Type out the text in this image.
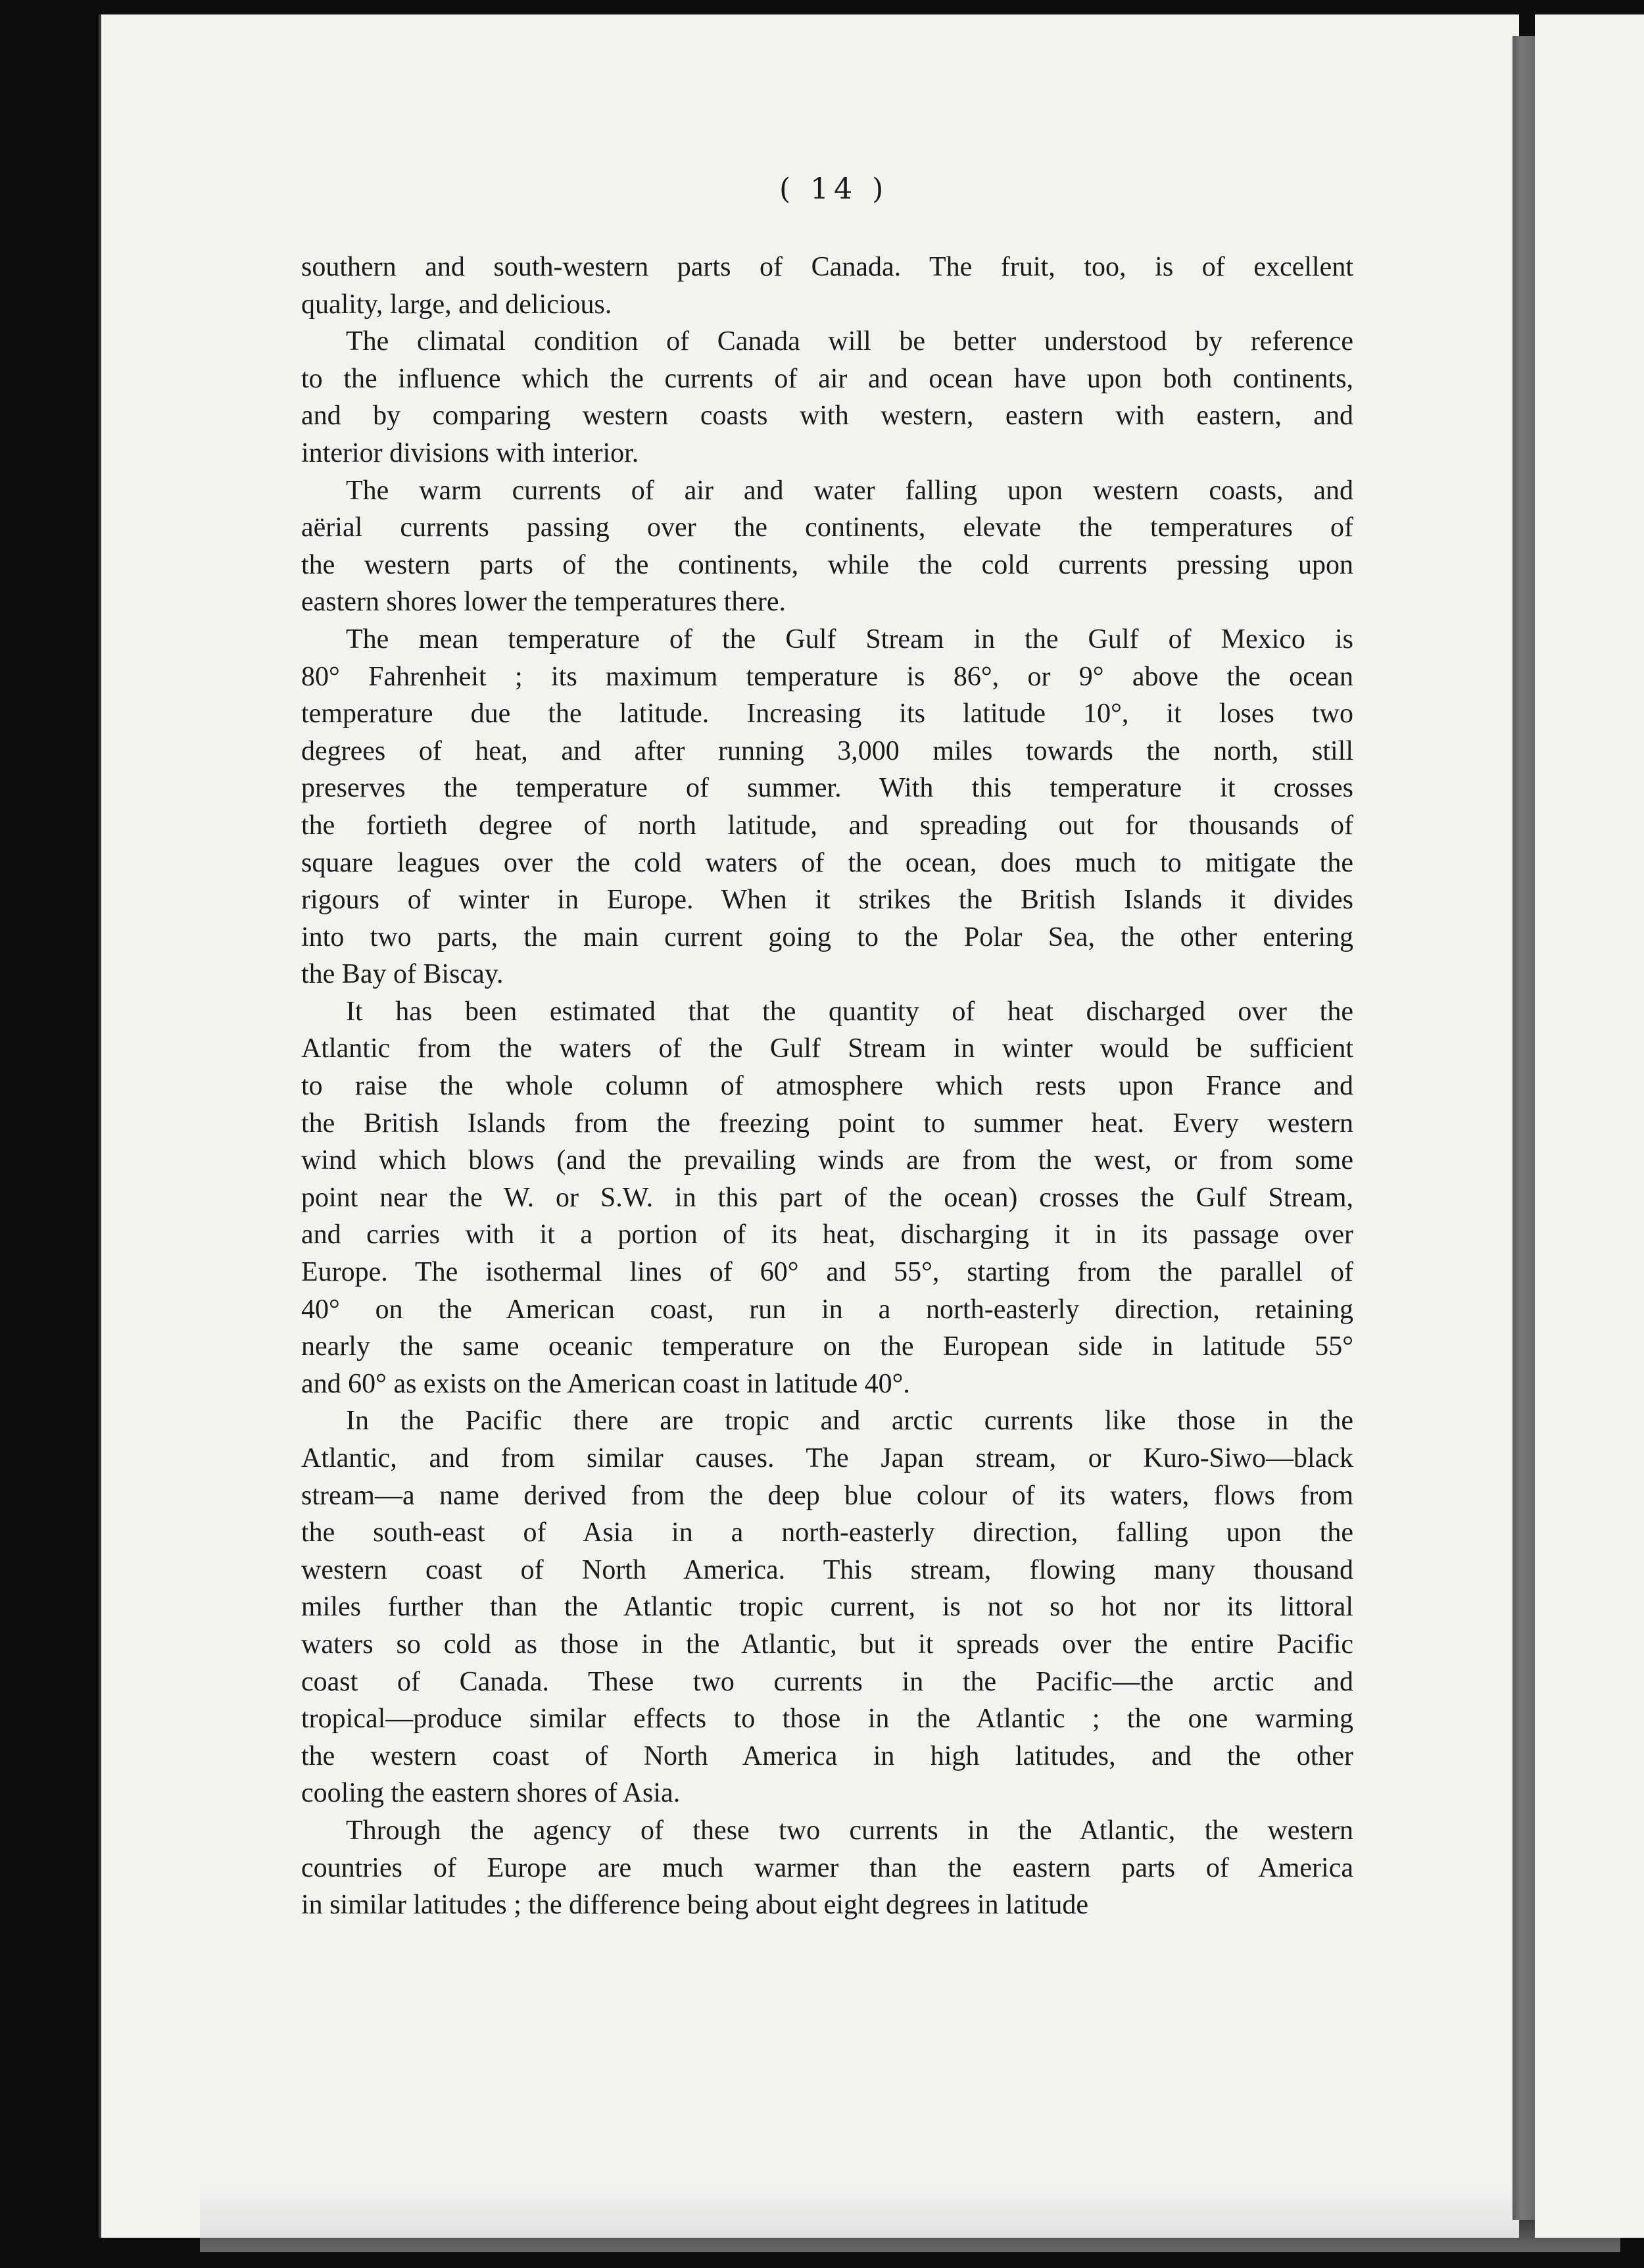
( 14 )
southern and south-western parts of Canada. The fruit, too, is of excellent
quality, large, and delicious.
The climatal condition of Canada will be better understood by reference
to the influence which the currents of air and ocean have upon both continents,
and by comparing western coasts with western, eastern with eastern, and
interior divisions with interior.
The warm currents of air and water falling upon western coasts, and
aërial currents passing over the continents, elevate the temperatures of
the western parts of the continents, while the cold currents pressing upon
eastern shores lower the temperatures there.
The mean temperature of the Gulf Stream in the Gulf of Mexico is
80° Fahrenheit ; its maximum temperature is 86°, or 9° above the ocean
temperature due the latitude. Increasing its latitude 10°, it loses two
degrees of heat, and after running 3,000 miles towards the north, still
preserves the temperature of summer. With this temperature it crosses
the fortieth degree of north latitude, and spreading out for thousands of
square leagues over the cold waters of the ocean, does much to mitigate the
rigours of winter in Europe. When it strikes the British Islands it divides
into two parts, the main current going to the Polar Sea, the other entering
the Bay of Biscay.
It has been estimated that the quantity of heat discharged over the
Atlantic from the waters of the Gulf Stream in winter would be sufficient
to raise the whole column of atmosphere which rests upon France and
the British Islands from the freezing point to summer heat. Every western
wind which blows (and the prevailing winds are from the west, or from some
point near the W. or S.W. in this part of the ocean) crosses the Gulf Stream,
and carries with it a portion of its heat, discharging it in its passage over
Europe. The isothermal lines of 60° and 55°, starting from the parallel of
40° on the American coast, run in a north-easterly direction, retaining
nearly the same oceanic temperature on the European side in latitude 55°
and 60° as exists on the American coast in latitude 40°.
In the Pacific there are tropic and arctic currents like those in the
Atlantic, and from similar causes. The Japan stream, or Kuro-Siwo—black
stream—a name derived from the deep blue colour of its waters, flows from
the south-east of Asia in a north-easterly direction, falling upon the
western coast of North America. This stream, flowing many thousand
miles further than the Atlantic tropic current, is not so hot nor its littoral
waters so cold as those in the Atlantic, but it spreads over the entire Pacific
coast of Canada. These two currents in the Pacific—the arctic and
tropical—produce similar effects to those in the Atlantic ; the one warming
the western coast of North America in high latitudes, and the other
cooling the eastern shores of Asia.
Through the agency of these two currents in the Atlantic, the western
countries of Europe are much warmer than the eastern parts of America
in similar latitudes ; the difference being about eight degrees in latitude
